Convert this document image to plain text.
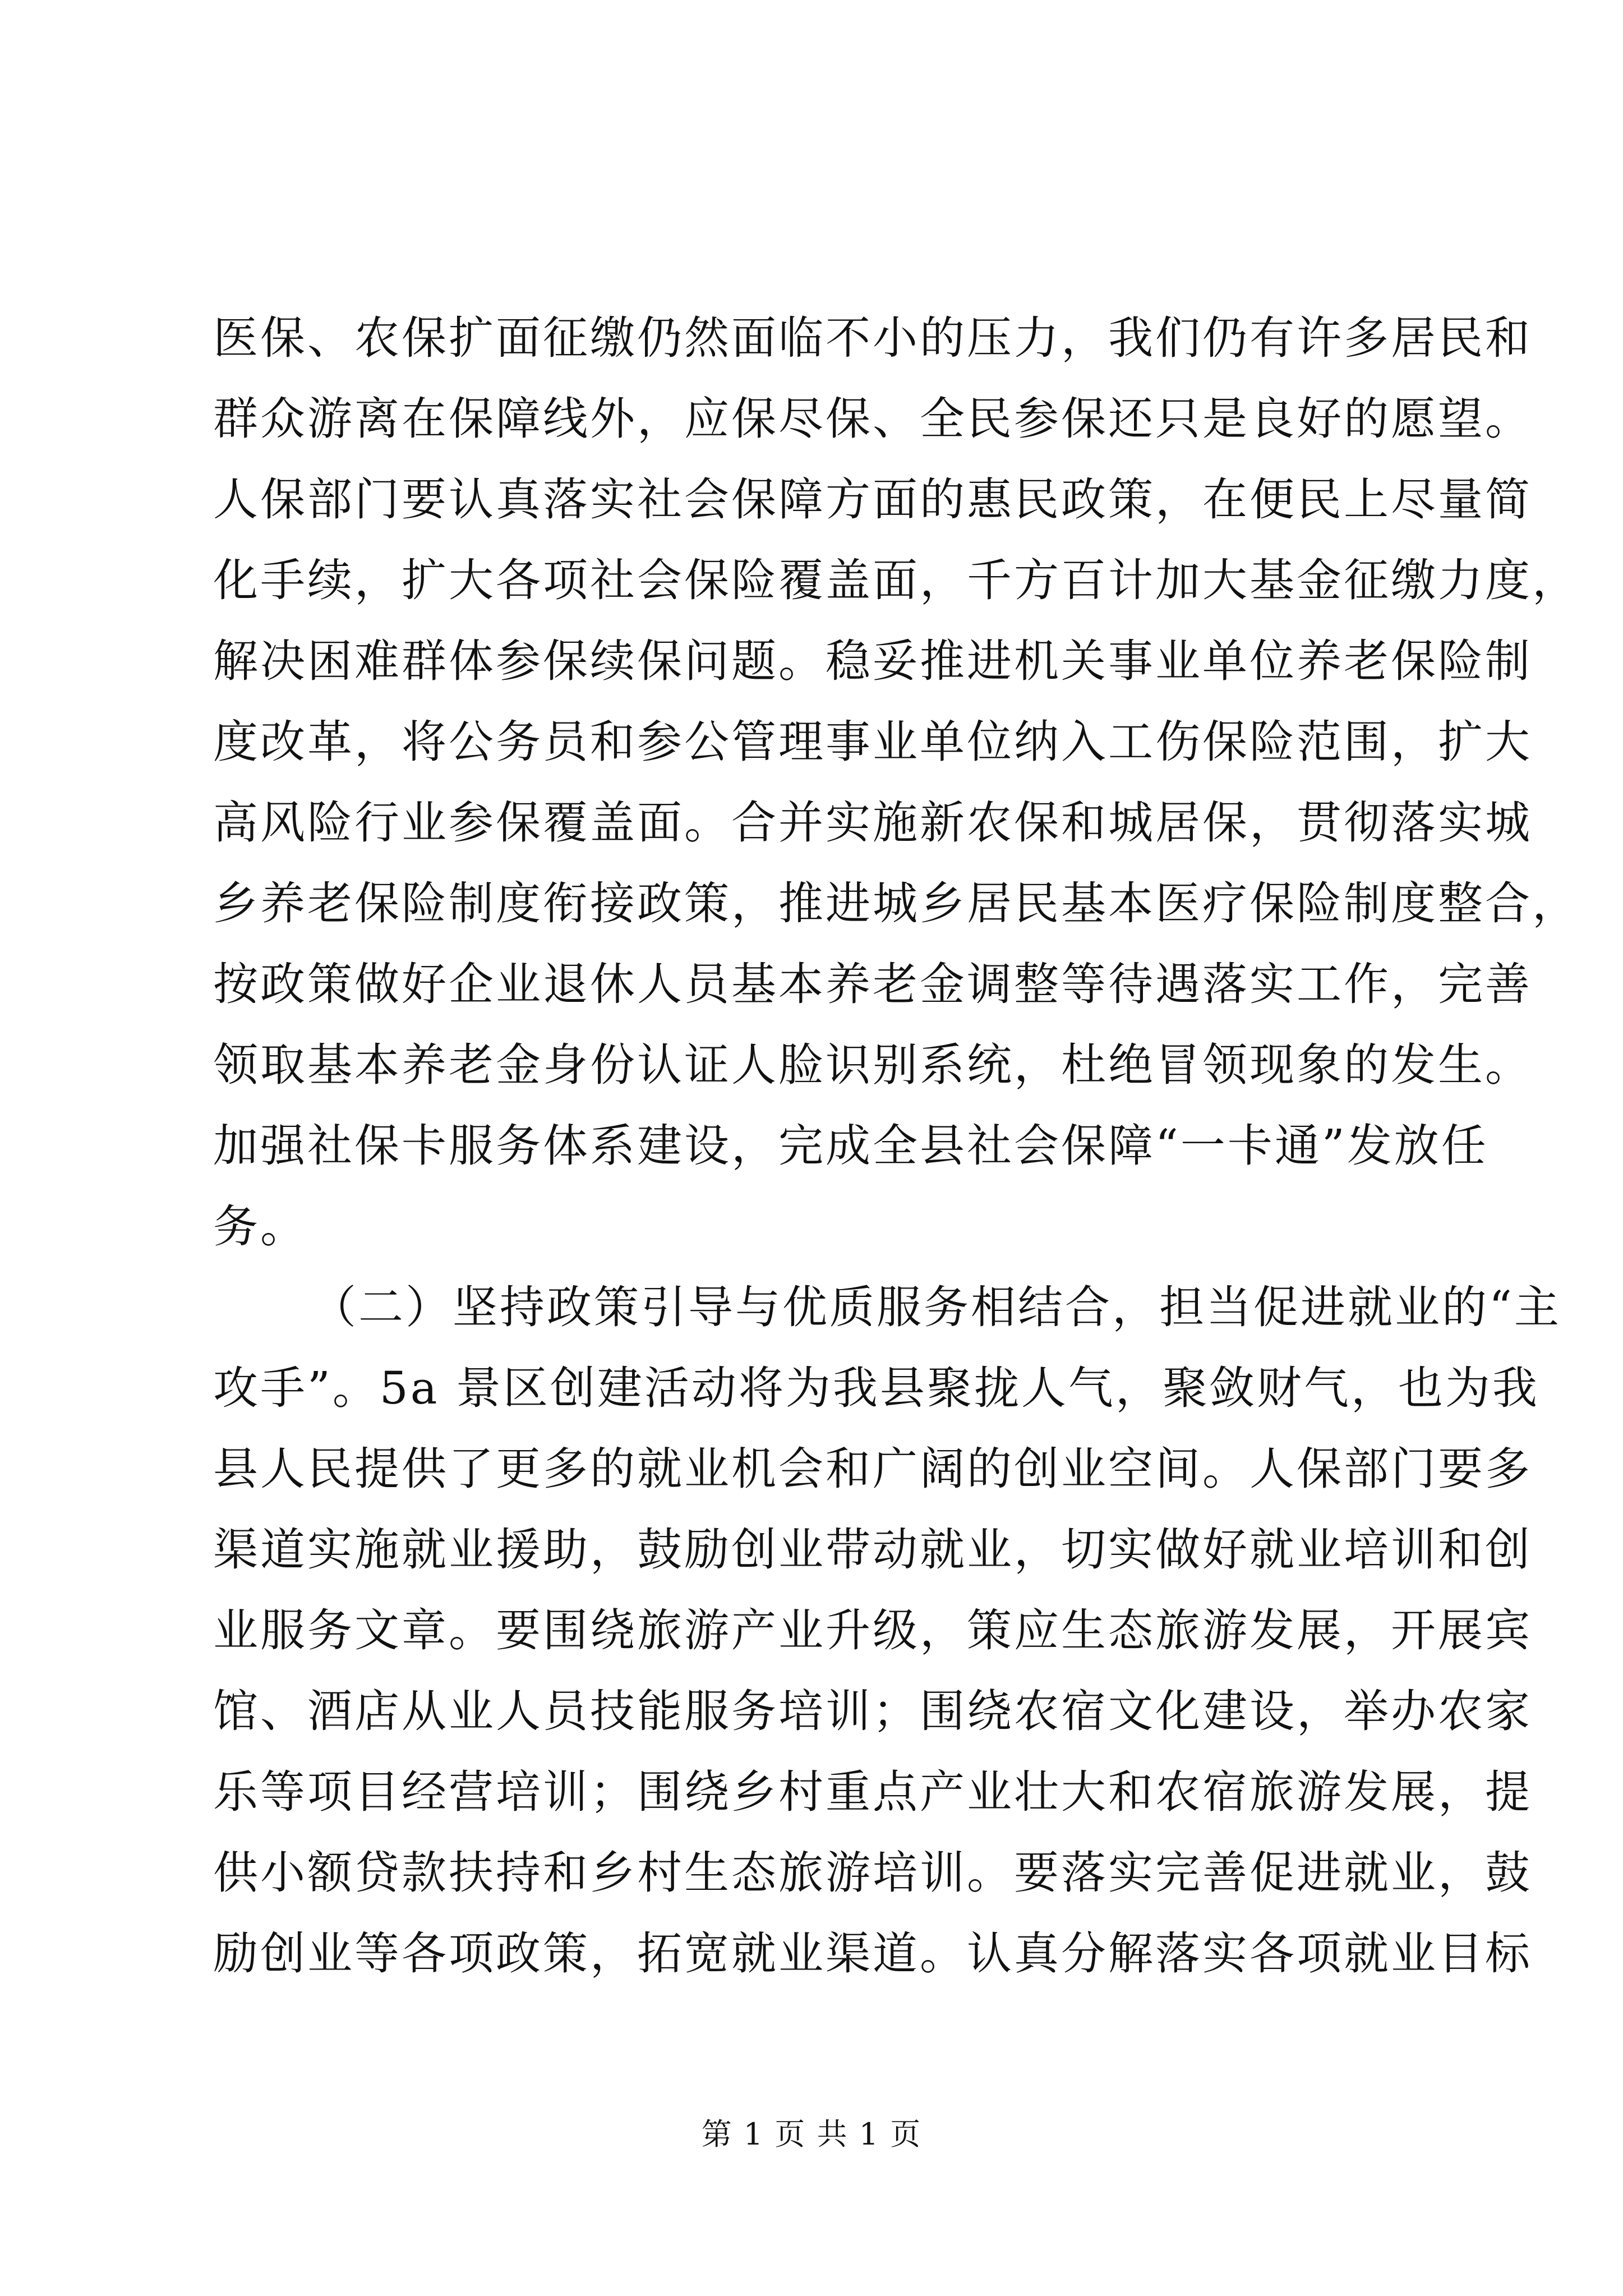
医保、农保扩面征缴仍然面临不小的压力，我们仍有许多居民和
群众游离在保障线外，应保尽保、全民参保还只是良好的愿望。
人保部门要认真落实社会保障方面的惠民政策，在便民上尽量简
化手续，扩大各项社会保险覆盖面，千方百计加大基金征缴力度，
解决困难群体参保续保问题。稳妥推进机关事业单位养老保险制
度改革，将公务员和参公管理事业单位纳入工伤保险范围，扩大
高风险行业参保覆盖面。合并实施新农保和城居保，贯彻落实城
乡养老保险制度衔接政策，推进城乡居民基本医疗保险制度整合，
按政策做好企业退休人员基本养老金调整等待遇落实工作，完善
领取基本养老金身份认证人脸识别系统，杜绝冒领现象的发生。
加强社保卡服务体系建设，完成全县社会保障“一卡通”发放任
务。
（二）坚持政策引导与优质服务相结合，担当促进就业的“主
攻手”。5a 景区创建活动将为我县聚拢人气，聚敛财气，也为我
县人民提供了更多的就业机会和广阔的创业空间。人保部门要多
渠道实施就业援助，鼓励创业带动就业，切实做好就业培训和创
业服务文章。要围绕旅游产业升级，策应生态旅游发展，开展宾
馆、酒店从业人员技能服务培训；围绕农宿文化建设，举办农家
乐等项目经营培训；围绕乡村重点产业壮大和农宿旅游发展，提
供小额贷款扶持和乡村生态旅游培训。要落实完善促进就业，鼓
励创业等各项政策，拓宽就业渠道。认真分解落实各项就业目标
第 1 页 共 1 页
